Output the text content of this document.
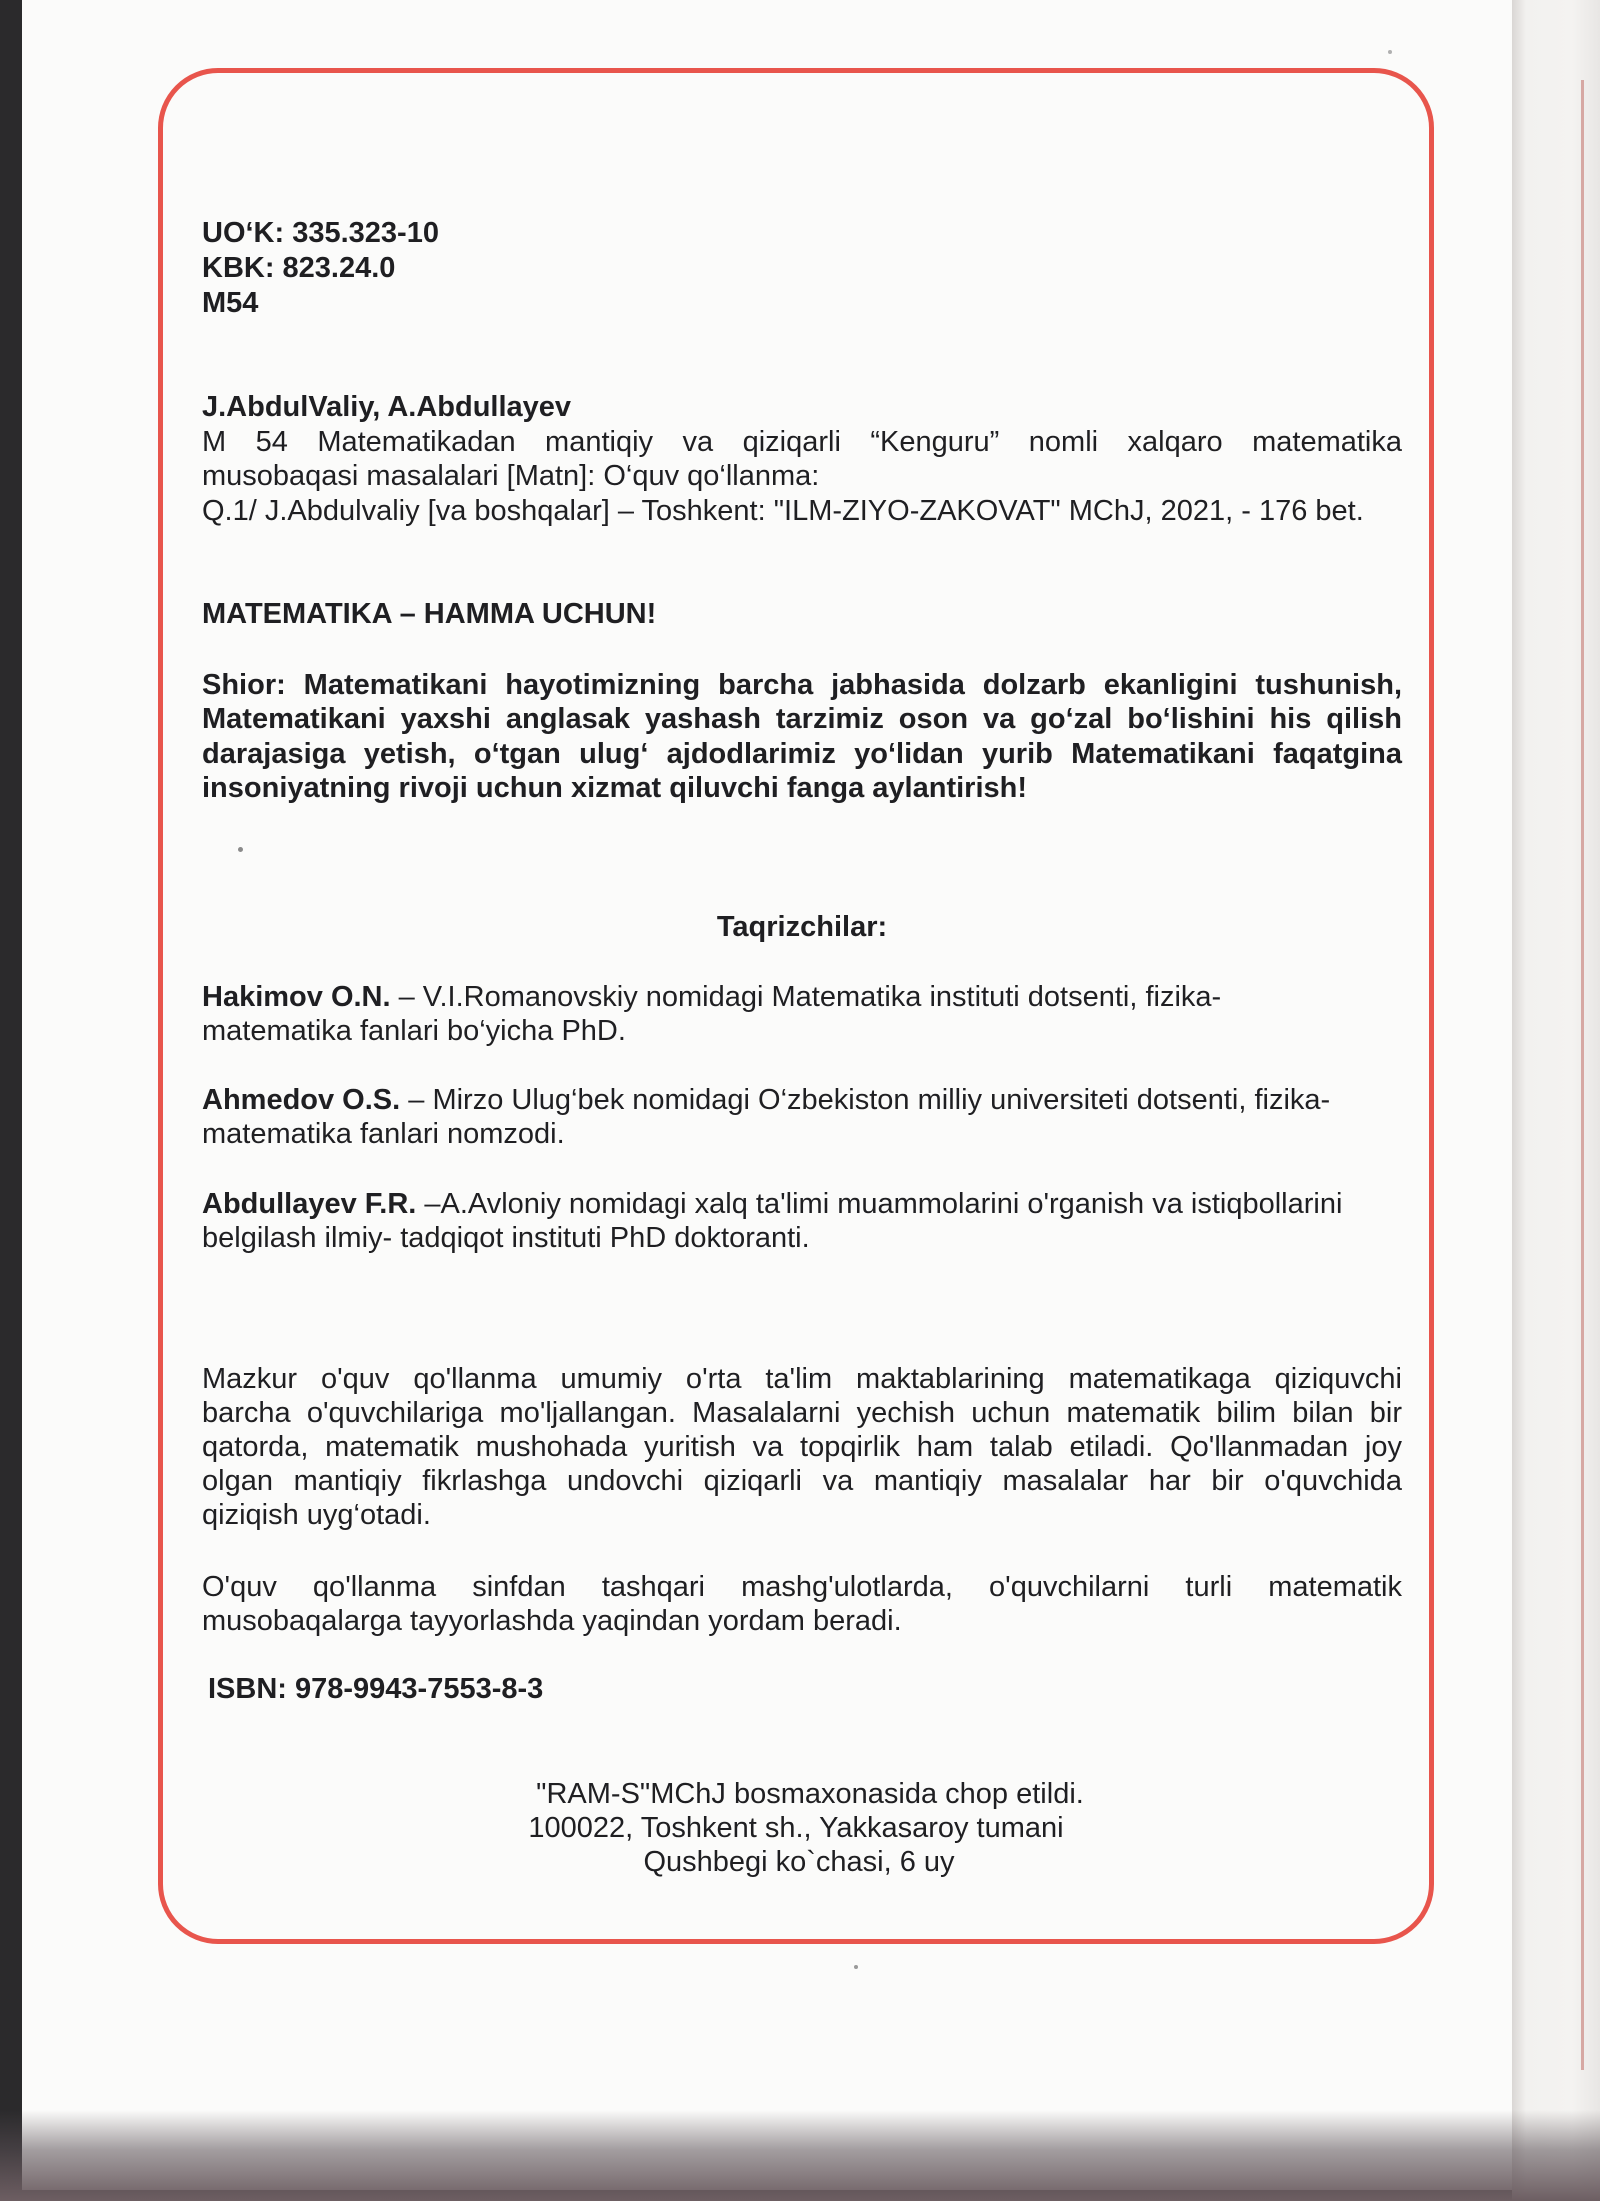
UO‘K: 335.323-10
KBK: 823.24.0
M54
J.AbdulValiy, A.Abdullayev
M 54 Matematikadan mantiqiy va qiziqarli “Kenguru” nomli xalqaro matematika
musobaqasi masalalari [Matn]: O‘quv qo‘llanma:
Q.1/ J.Abdulvaliy [va boshqalar] – Toshkent: "ILM-ZIYO-ZAKOVAT" MChJ, 2021, - 176 bet.
MATEMATIKA – HAMMA UCHUN!
Shior: Matematikani hayotimizning barcha jabhasida dolzarb ekanligini tushunish,
Matematikani yaxshi anglasak yashash tarzimiz oson va go‘zal bo‘lishini his qilish
darajasiga yetish, o‘tgan ulug‘ ajdodlarimiz yo‘lidan yurib Matematikani faqatgina
insoniyatning rivoji uchun xizmat qiluvchi fanga aylantirish!
Taqrizchilar:
Hakimov O.N. – V.I.Romanovskiy nomidagi Matematika instituti dotsenti, fizika-
matematika fanlari bo‘yicha PhD.
Ahmedov O.S. – Mirzo Ulug‘bek nomidagi O‘zbekiston milliy universiteti dotsenti, fizika-
matematika fanlari nomzodi.
Abdullayev F.R. –A.Avloniy nomidagi xalq ta'limi muammolarini o'rganish va istiqbollarini
belgilash ilmiy- tadqiqot instituti PhD doktoranti.
Mazkur o'quv qo'llanma umumiy o'rta ta'lim maktablarining matematikaga qiziquvchi
barcha o'quvchilariga mo'ljallangan. Masalalarni yechish uchun matematik bilim bilan bir
qatorda, matematik mushohada yuritish va topqirlik ham talab etiladi. Qo'llanmadan joy
olgan mantiqiy fikrlashga undovchi qiziqarli va mantiqiy masalalar har bir o'quvchida
qiziqish uyg‘otadi.
O'quv qo'llanma sinfdan tashqari mashg'ulotlarda, o'quvchilarni turli matematik
musobaqalarga tayyorlashda yaqindan yordam beradi.
ISBN: 978-9943-7553-8-3
"RAM-S"MChJ bosmaxonasida chop etildi.
100022, Toshkent sh., Yakkasaroy tumani
Qushbegi ko`chasi, 6 uy
